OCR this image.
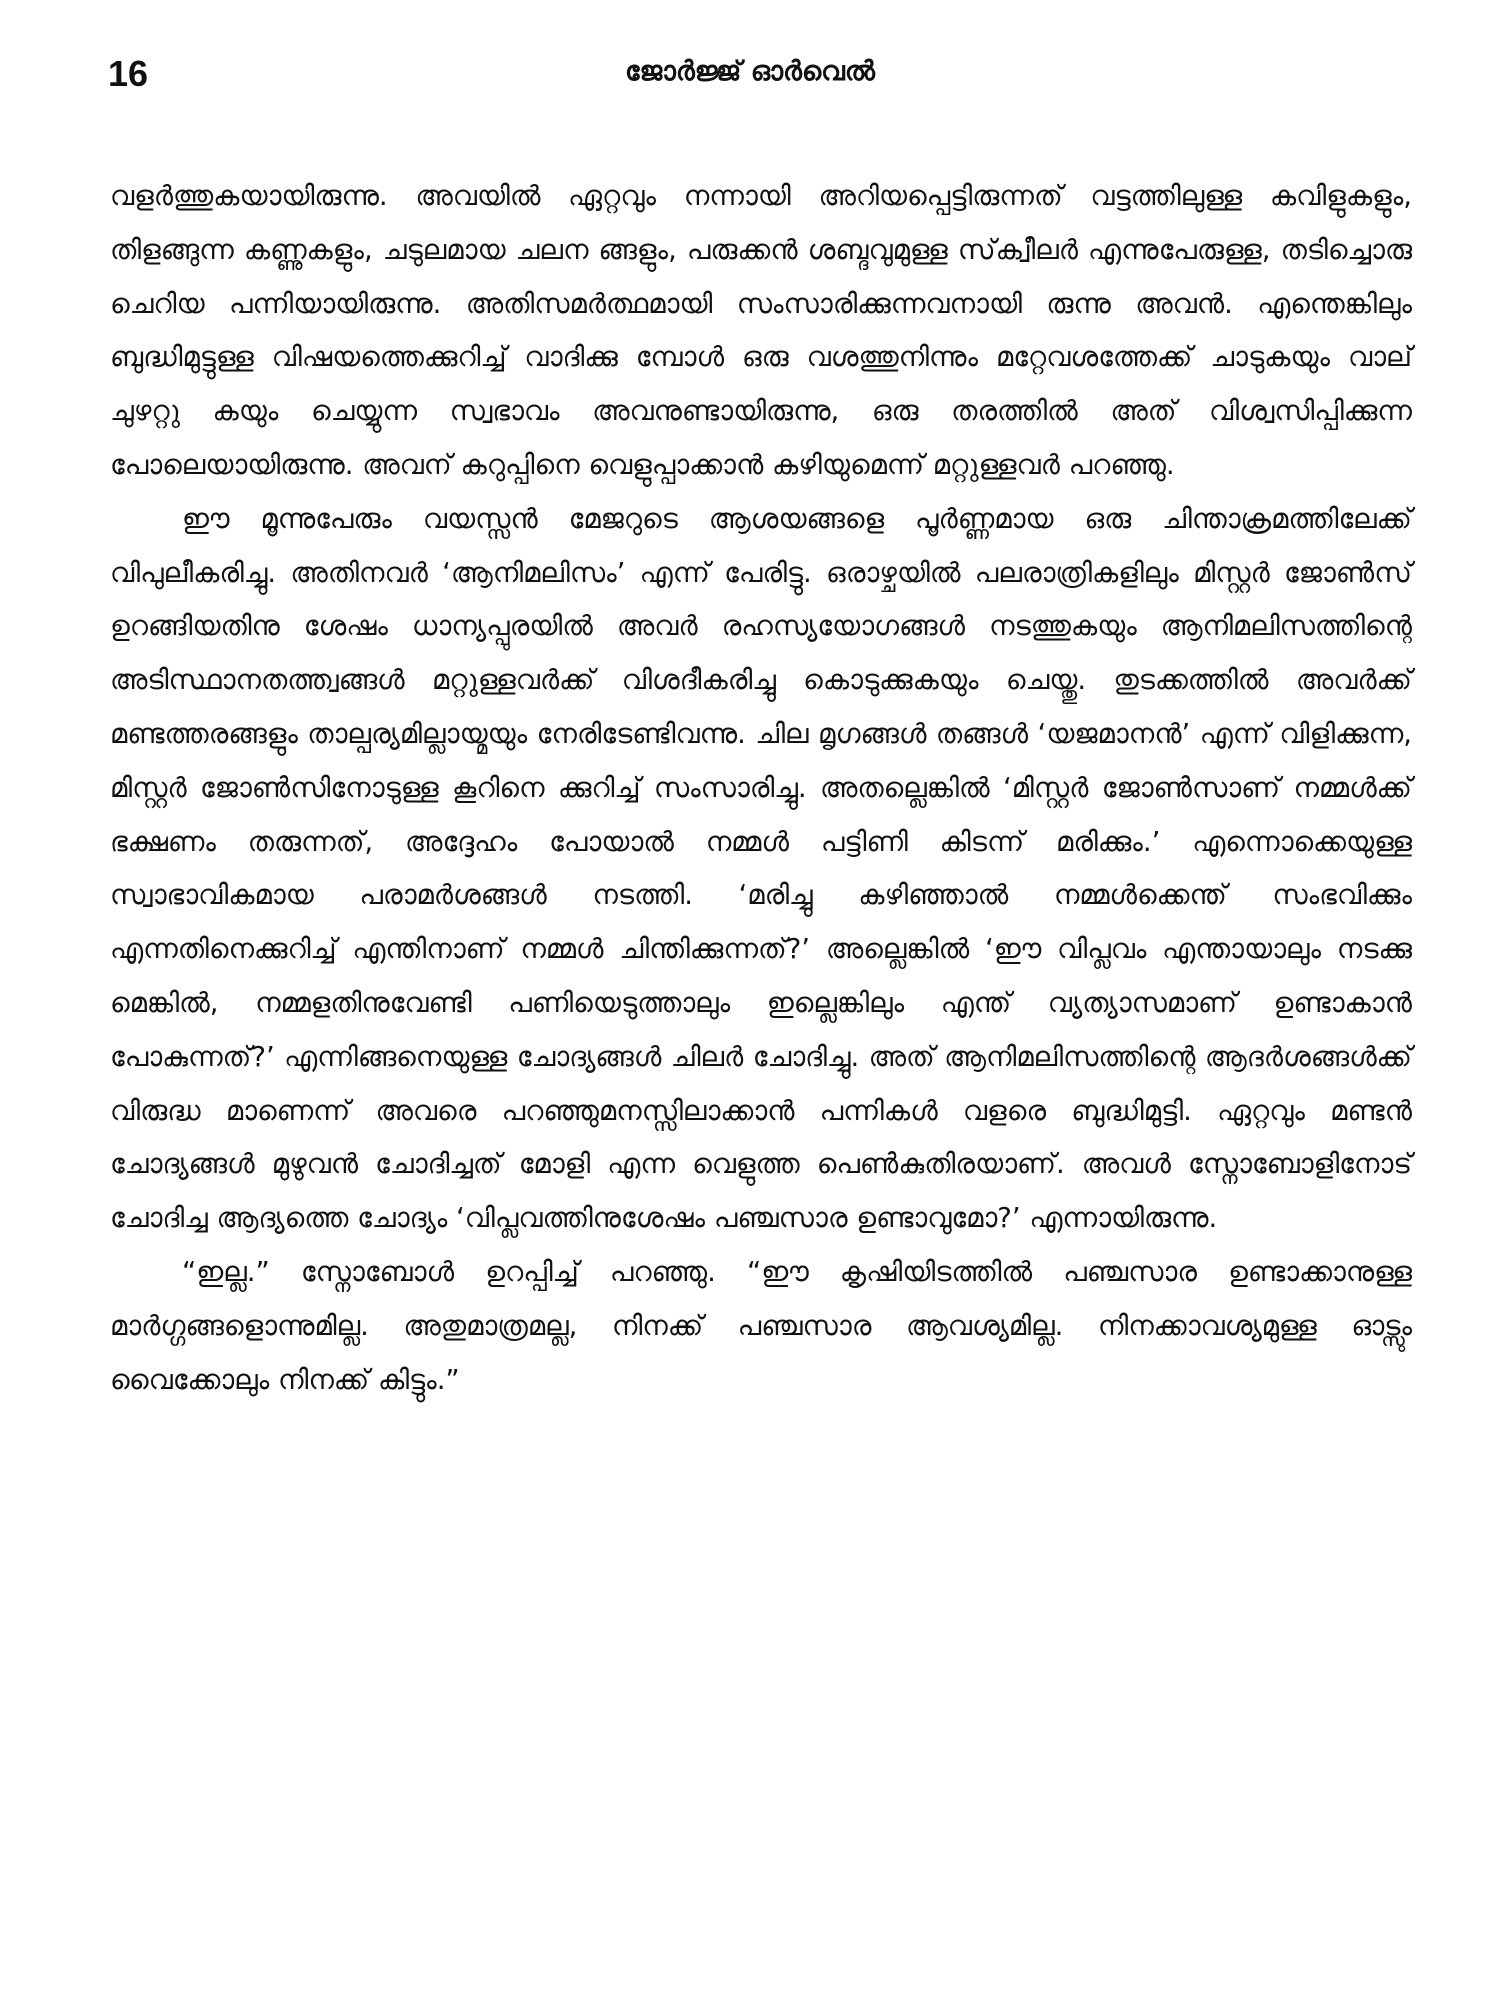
16	ജോർജ്ജ് ഓർവെൽ

വളർത്തുകയായിരുന്നു. അവയിൽ ഏറ്റവും നന്നായി അറിയപ്പെട്ടിരുന്നത് വട്ടത്തിലുള്ള കവിളുകളും, തിളങ്ങുന്ന കണ്ണുകളും, ചടുലമായ ചലന ങ്ങളും, പരുക്കൻ ശബ്ദവുമുള്ള സ്‌ക്വീലർ എന്നുപേരുള്ള, തടിച്ചൊരു ചെറിയ പന്നിയായിരുന്നു. അതിസമർത്ഥമായി സംസാരിക്കുന്നവനായി രുന്നു അവൻ. എന്തെങ്കിലും ബുദ്ധിമുട്ടുള്ള വിഷയത്തെക്കുറിച്ച് വാദിക്കു മ്പോൾ ഒരു വശത്തുനിന്നും മറ്റേവശത്തേക്ക് ചാടുകയും വാല് ചുഴറ്റു കയും ചെയ്യുന്ന സ്വഭാവം അവനുണ്ടായിരുന്നു, ഒരു തരത്തിൽ അത് വിശ്വസിപ്പിക്കുന്ന പോലെയായിരുന്നു. അവന് കറുപ്പിനെ വെളുപ്പാക്കാൻ കഴിയുമെന്ന് മറ്റുള്ളവർ പറഞ്ഞു.

ഈ മൂന്നുപേരും വയസ്സൻ മേജറുടെ ആശയങ്ങളെ പൂർണ്ണമായ ഒരു ചിന്താക്രമത്തിലേക്ക് വിപുലീകരിച്ചു. അതിനവർ ‘ആനിമലിസം’ എന്ന് പേരിട്ടു. ഒരാഴ്ചയിൽ പലരാത്രികളിലും മിസ്റ്റർ ജോൺസ് ഉറങ്ങിയതിനു ശേഷം ധാന്യപ്പുരയിൽ അവർ രഹസ്യയോഗങ്ങൾ നടത്തുകയും ആനിമലിസത്തിന്റെ അടിസ്ഥാനതത്ത്വങ്ങൾ മറ്റുള്ളവർക്ക് വിശദീകരിച്ചു കൊടുക്കുകയും ചെയ്തു. തുടക്കത്തിൽ അവർക്ക് മണ്ടത്തരങ്ങളും താല്പര്യമില്ലായ്മയും നേരിടേണ്ടിവന്നു. ചില മൃഗങ്ങൾ തങ്ങൾ ‘യജമാനൻ’ എന്ന് വിളിക്കുന്ന, മിസ്റ്റർ ജോൺസിനോടുള്ള കൂറിനെ ക്കുറിച്ച് സംസാരിച്ചു. അതല്ലെങ്കിൽ ‘മിസ്റ്റർ ജോൺസാണ് നമ്മൾക്ക് ഭക്ഷണം തരുന്നത്, അദ്ദേഹം പോയാൽ നമ്മൾ പട്ടിണി കിടന്ന് മരിക്കും.’ എന്നൊക്കെയുള്ള സ്വാഭാവികമായ പരാമർശങ്ങൾ നടത്തി. ‘മരിച്ചു കഴിഞ്ഞാൽ നമ്മൾക്കെന്ത് സംഭവിക്കും എന്നതിനെക്കുറിച്ച് എന്തിനാണ് നമ്മൾ ചിന്തിക്കുന്നത്?’ അല്ലെങ്കിൽ ‘ഈ വിപ്ലവം എന്തായാലും നടക്കു മെങ്കിൽ, നമ്മളതിനുവേണ്ടി പണിയെടുത്താലും ഇല്ലെങ്കിലും എന്ത് വ്യത്യാസമാണ് ഉണ്ടാകാൻ പോകുന്നത്?’ എന്നിങ്ങനെയുള്ള ചോദ്യങ്ങൾ ചിലർ ചോദിച്ചു. അത് ആനിമലിസത്തിന്റെ ആദർശങ്ങൾക്ക് വിരുദ്ധ മാണെന്ന് അവരെ പറഞ്ഞുമനസ്സിലാക്കാൻ പന്നികൾ വളരെ ബുദ്ധിമുട്ടി. ഏറ്റവും മണ്ടൻ ചോദ്യങ്ങൾ മുഴുവൻ ചോദിച്ചത് മോളി എന്ന വെളുത്ത പെൺകുതിരയാണ്. അവൾ സ്നോബോളിനോട് ചോദിച്ച ആദ്യത്തെ ചോദ്യം ‘വിപ്ലവത്തിനുശേഷം പഞ്ചസാര ഉണ്ടാവുമോ?’ എന്നായിരുന്നു.

“ഇല്ല.” സ്നോബോൾ ഉറപ്പിച്ച് പറഞ്ഞു. “ഈ കൃഷിയിടത്തിൽ പഞ്ചസാര ഉണ്ടാക്കാനുള്ള മാർഗ്ഗങ്ങളൊന്നുമില്ല. അതുമാത്രമല്ല, നിനക്ക് പഞ്ചസാര ആവശ്യമില്ല. നിനക്കാവശ്യമുള്ള ഓട്സും വൈക്കോലും നിനക്ക് കിട്ടും.”
